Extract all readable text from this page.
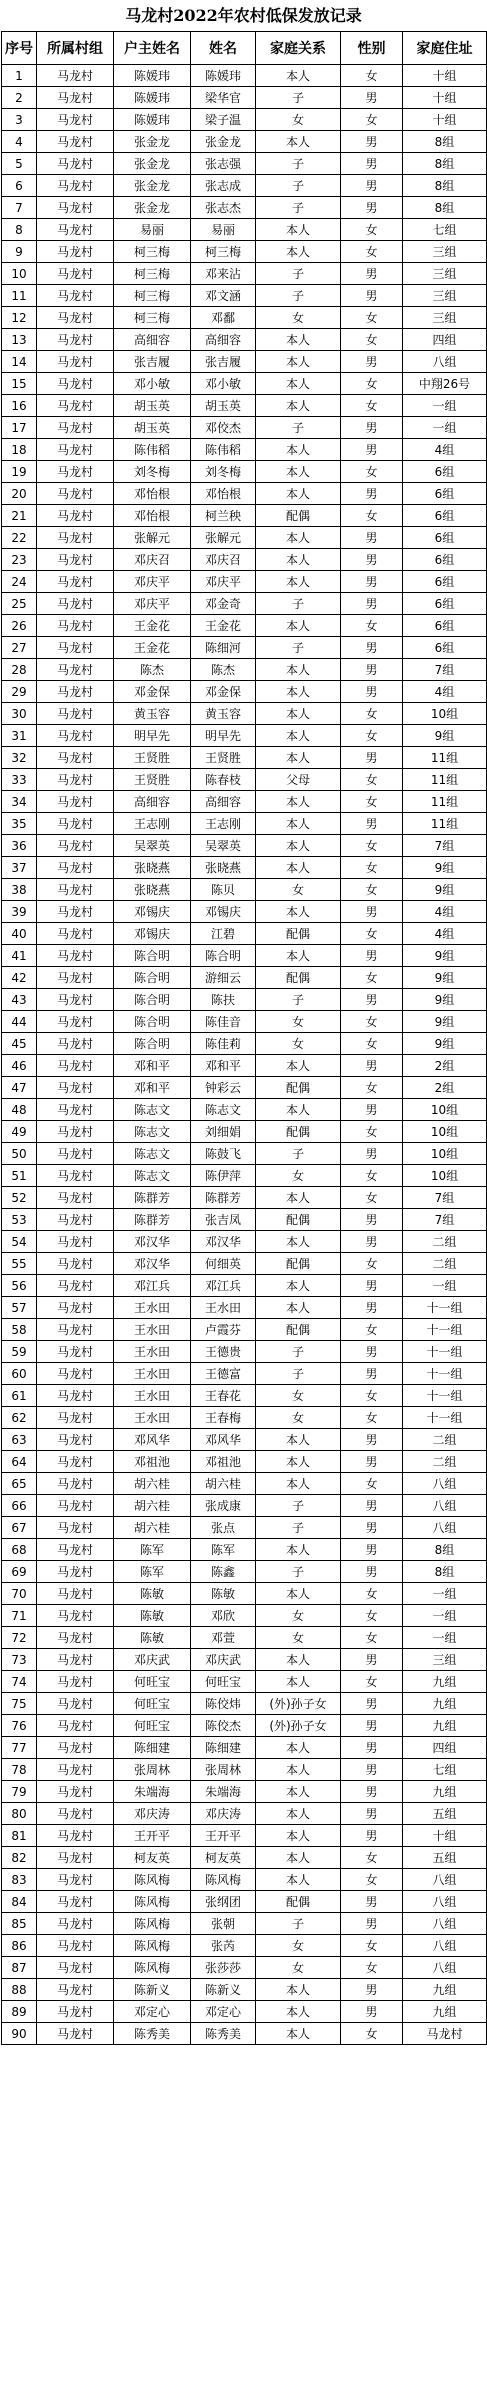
马龙村2022年农村低保发放记录
序号	所属村组	户主姓名	姓名	家庭关系	性别	家庭住址
1	马龙村	陈媛玮	陈媛玮	本人	女	十组
2	马龙村	陈媛玮	梁华官	子	男	十组
3	马龙村	陈媛玮	梁子温	女	女	十组
4	马龙村	张金龙	张金龙	本人	男	8组
5	马龙村	张金龙	张志强	子	男	8组
6	马龙村	张金龙	张志成	子	男	8组
7	马龙村	张金龙	张志杰	子	男	8组
8	马龙村	易丽	易丽	本人	女	七组
9	马龙村	柯三梅	柯三梅	本人	女	三组
10	马龙村	柯三梅	邓来沾	子	男	三组
11	马龙村	柯三梅	邓文涵	子	男	三组
12	马龙村	柯三梅	邓鄱	女	女	三组
13	马龙村	高细容	高细容	本人	女	四组
14	马龙村	张吉履	张吉履	本人	男	八组
15	马龙村	邓小敏	邓小敏	本人	女	中翔26号
16	马龙村	胡玉英	胡玉英	本人	女	一组
17	马龙村	胡玉英	邓佼杰	子	男	一组
18	马龙村	陈伟稻	陈伟稻	本人	男	4组
19	马龙村	刘冬梅	刘冬梅	本人	女	6组
20	马龙村	邓怡根	邓怡根	本人	男	6组
21	马龙村	邓怡根	柯兰秧	配偶	女	6组
22	马龙村	张解元	张解元	本人	男	6组
23	马龙村	邓庆召	邓庆召	本人	男	6组
24	马龙村	邓庆平	邓庆平	本人	男	6组
25	马龙村	邓庆平	邓金奇	子	男	6组
26	马龙村	王金花	王金花	本人	女	6组
27	马龙村	王金花	陈细河	子	男	6组
28	马龙村	陈杰	陈杰	本人	男	7组
29	马龙村	邓金保	邓金保	本人	男	4组
30	马龙村	黄玉容	黄玉容	本人	女	10组
31	马龙村	明早先	明早先	本人	女	9组
32	马龙村	王贤胜	王贤胜	本人	男	11组
33	马龙村	王贤胜	陈春枝	父母	女	11组
34	马龙村	高细容	高细容	本人	女	11组
35	马龙村	王志刚	王志刚	本人	男	11组
36	马龙村	吴翠英	吴翠英	本人	女	7组
37	马龙村	张晓燕	张晓燕	本人	女	9组
38	马龙村	张晓燕	陈贝	女	女	9组
39	马龙村	邓锡庆	邓锡庆	本人	男	4组
40	马龙村	邓锡庆	江碧	配偶	女	4组
41	马龙村	陈合明	陈合明	本人	男	9组
42	马龙村	陈合明	游细云	配偶	女	9组
43	马龙村	陈合明	陈扶	子	男	9组
44	马龙村	陈合明	陈佳音	女	女	9组
45	马龙村	陈合明	陈佳莉	女	女	9组
46	马龙村	邓和平	邓和平	本人	男	2组
47	马龙村	邓和平	钟彩云	配偶	女	2组
48	马龙村	陈志文	陈志文	本人	男	10组
49	马龙村	陈志文	刘细娟	配偶	女	10组
50	马龙村	陈志文	陈鼓飞	子	男	10组
51	马龙村	陈志文	陈伊萍	女	女	10组
52	马龙村	陈群芳	陈群芳	本人	女	7组
53	马龙村	陈群芳	张吉凤	配偶	男	7组
54	马龙村	邓汉华	邓汉华	本人	男	二组
55	马龙村	邓汉华	何细英	配偶	女	二组
56	马龙村	邓江兵	邓江兵	本人	男	一组
57	马龙村	王水田	王水田	本人	男	十一组
58	马龙村	王水田	卢霞芬	配偶	女	十一组
59	马龙村	王水田	王德贵	子	男	十一组
60	马龙村	王水田	王德富	子	男	十一组
61	马龙村	王水田	王春花	女	女	十一组
62	马龙村	王水田	王春梅	女	女	十一组
63	马龙村	邓风华	邓风华	本人	男	二组
64	马龙村	邓祖池	邓祖池	本人	男	二组
65	马龙村	胡六桂	胡六桂	本人	女	八组
66	马龙村	胡六桂	张成康	子	男	八组
67	马龙村	胡六桂	张点	子	男	八组
68	马龙村	陈军	陈军	本人	男	8组
69	马龙村	陈军	陈鑫	子	男	8组
70	马龙村	陈敏	陈敏	本人	女	一组
71	马龙村	陈敏	邓欣	女	女	一组
72	马龙村	陈敏	邓萱	女	女	一组
73	马龙村	邓庆武	邓庆武	本人	男	三组
74	马龙村	何旺宝	何旺宝	本人	女	九组
75	马龙村	何旺宝	陈佼炜	(外)孙子女	男	九组
76	马龙村	何旺宝	陈佼杰	(外)孙子女	男	九组
77	马龙村	陈细建	陈细建	本人	男	四组
78	马龙村	张周林	张周林	本人	男	七组
79	马龙村	朱端海	朱端海	本人	男	九组
80	马龙村	邓庆涛	邓庆涛	本人	男	五组
81	马龙村	王开平	王开平	本人	男	十组
82	马龙村	柯友英	柯友英	本人	女	五组
83	马龙村	陈风梅	陈风梅	本人	女	八组
84	马龙村	陈风梅	张纲团	配偶	男	八组
85	马龙村	陈风梅	张朝	子	男	八组
86	马龙村	陈风梅	张芮	女	女	八组
87	马龙村	陈风梅	张莎莎	女	女	八组
88	马龙村	陈新义	陈新义	本人	男	九组
89	马龙村	邓定心	邓定心	本人	男	九组
90	马龙村	陈秀美	陈秀美	本人	女	马龙村
